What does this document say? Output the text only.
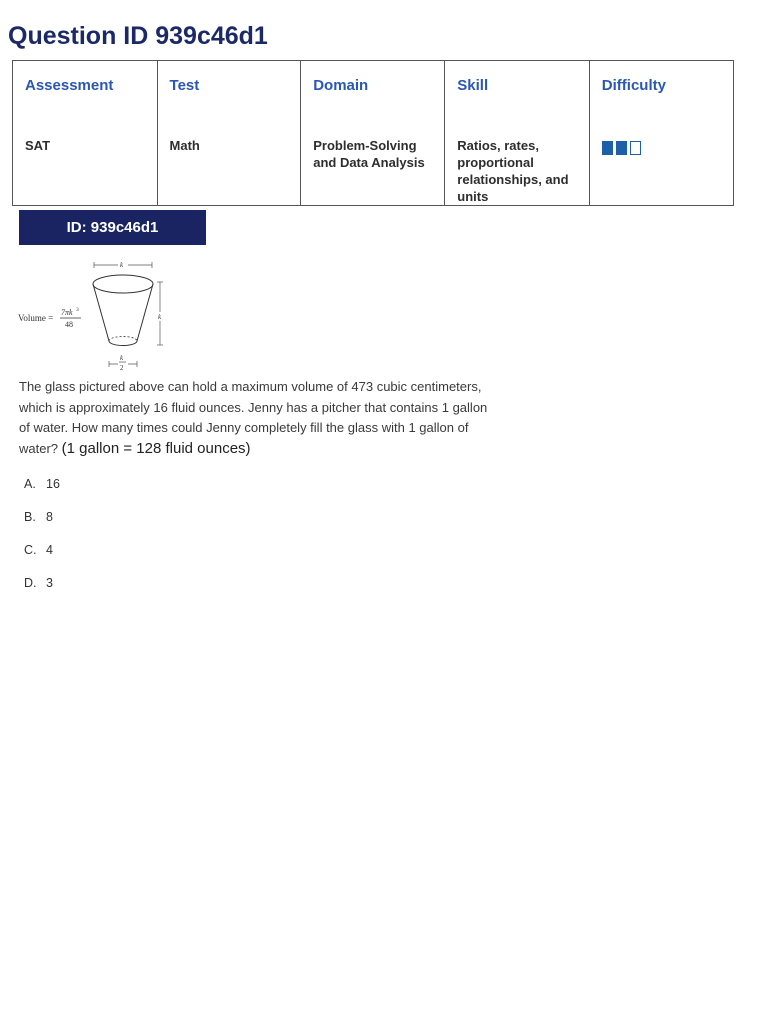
Question ID 939c46d1
Assessment	Test	Domain	Skill	Difficulty
SAT	Math	Problem-Solving and Data Analysis	Ratios, rates, proportional relationships, and units	
ID: 939c46d1
Volume =
7πk 3
48
k
k
k
2
The glass pictured above can hold a maximum volume of 473 cubic centimeters, which is approximately 16 fluid ounces. Jenny has a pitcher that contains 1 gallon of water. How many times could Jenny completely fill the glass with 1 gallon of water? (1 gallon = 128 fluid ounces)
A. 16
B. 8
C. 4
D. 3
